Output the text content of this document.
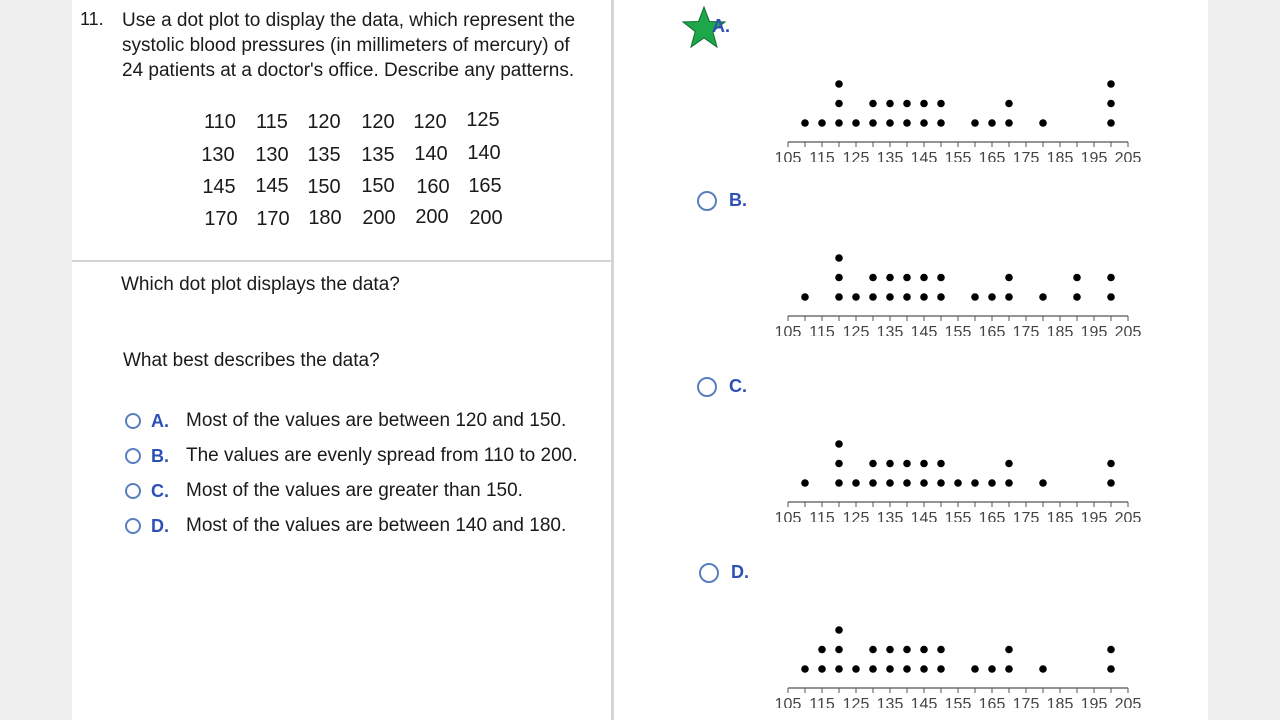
11. Use a dot plot to display the data, which represent the
systolic blood pressures (in millimeters of mercury) of
24 patients at a doctor's office. Describe any patterns.
110	115 120	120 120 125
130	130 135	135 140 140
145 145 150	150	160 165
170 170 180	200 200	200
Which dot plot displays the data?
What best describes the data?
A. Most of the values are between 120 and 150.
B. The values are evenly spread from 110 to 200.
C. Most of the values are greater than 150.
D. Most of the values are between 140 and 180.
A.
105 115 125 135 145 155 165 175 185 195 205
B.
105 115 125 135 145 155 165 175 185 195 205
C.
105 115 125 135 145 155 165 175 185 195 205
D.
105 115 125 135 145 155 165 175 185 195 205
